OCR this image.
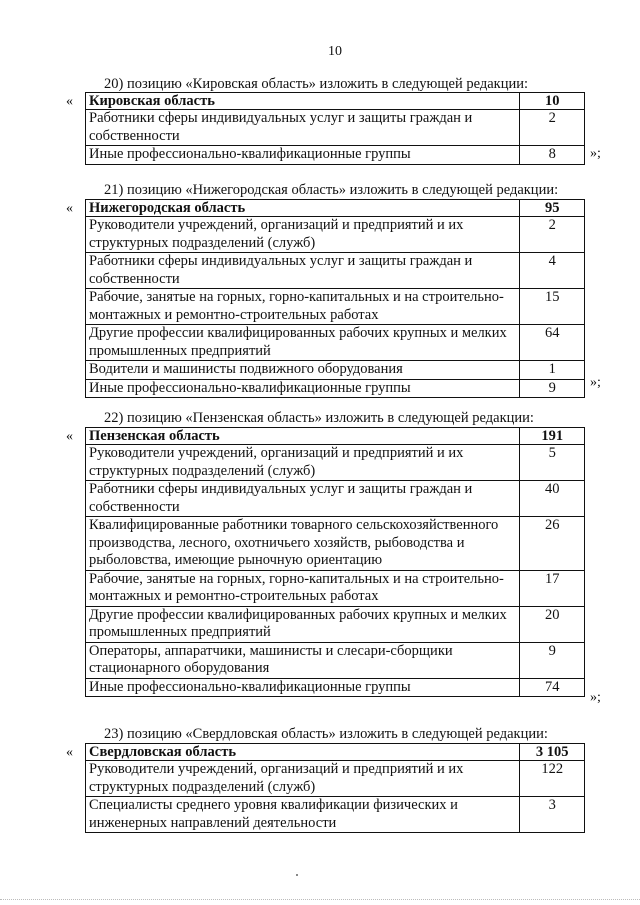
10
20) позицию «Кировская область» изложить в следующей редакции:
« Кировская область	10
Работники сферы индивидуальных услуг и защиты граждан и собственности	2
Иные профессионально-квалификационные группы	8 »;
21) позицию «Нижегородская область» изложить в следующей редакции:
« Нижегородская область	95
Руководители учреждений, организаций и предприятий и их структурных подразделений (служб)	2
Работники сферы индивидуальных услуг и защиты граждан и собственности	4
Рабочие, занятые на горных, горно-капитальных и на строительно-монтажных и ремонтно-строительных работах	15
Другие профессии квалифицированных рабочих крупных и мелких промышленных предприятий	64
Водители и машинисты подвижного оборудования	1
Иные профессионально-квалификационные группы	9 »;
22) позицию «Пензенская область» изложить в следующей редакции:
« Пензенская область	191
Руководители учреждений, организаций и предприятий и их структурных подразделений (служб)	5
Работники сферы индивидуальных услуг и защиты граждан и собственности	40
Квалифицированные работники товарного сельскохозяйственного производства, лесного, охотничьего хозяйств, рыбоводства и рыболовства, имеющие рыночную ориентацию	26
Рабочие, занятые на горных, горно-капитальных и на строительно-монтажных и ремонтно-строительных работах	17
Другие профессии квалифицированных рабочих крупных и мелких промышленных предприятий	20
Операторы, аппаратчики, машинисты и слесари-сборщики стационарного оборудования	9
Иные профессионально-квалификационные группы	74
»;
23) позицию «Свердловская область» изложить в следующей редакции:
« Свердловская область	3 105
Руководители учреждений, организаций и предприятий и их структурных подразделений (служб)	122
Специалисты среднего уровня квалификации физических и инженерных направлений деятельности	3
